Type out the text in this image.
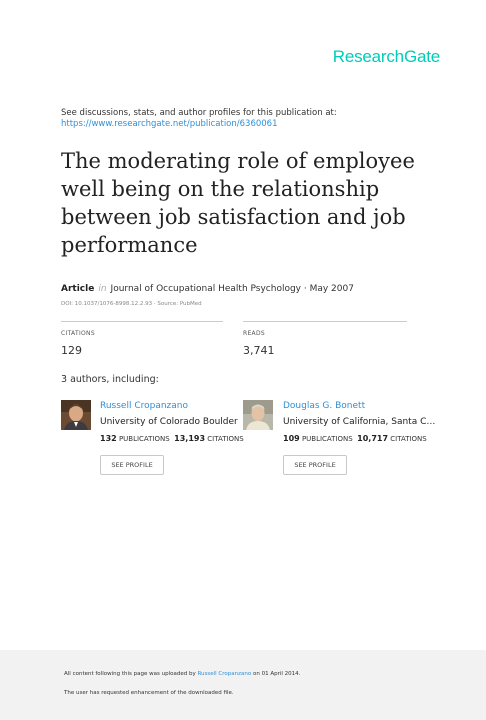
ResearchGate
See discussions, stats, and author profiles for this publication at:
https://www.researchgate.net/publication/6360061
The moderating role of employee
well being on the relationship
between job satisfaction and job
performance
Article in Journal of Occupational Health Psychology · May 2007
DOI: 10.1037/1076-8998.12.2.93 · Source: PubMed
CITATIONS
129
READS
3,741
3 authors, including:
Russell Cropanzano
University of Colorado Boulder
132 PUBLICATIONS 13,193 CITATIONS
SEE PROFILE
Douglas G. Bonett
University of California, Santa C…
109 PUBLICATIONS 10,717 CITATIONS
SEE PROFILE
All content following this page was uploaded by Russell Cropanzano on 01 April 2014.
The user has requested enhancement of the downloaded file.
